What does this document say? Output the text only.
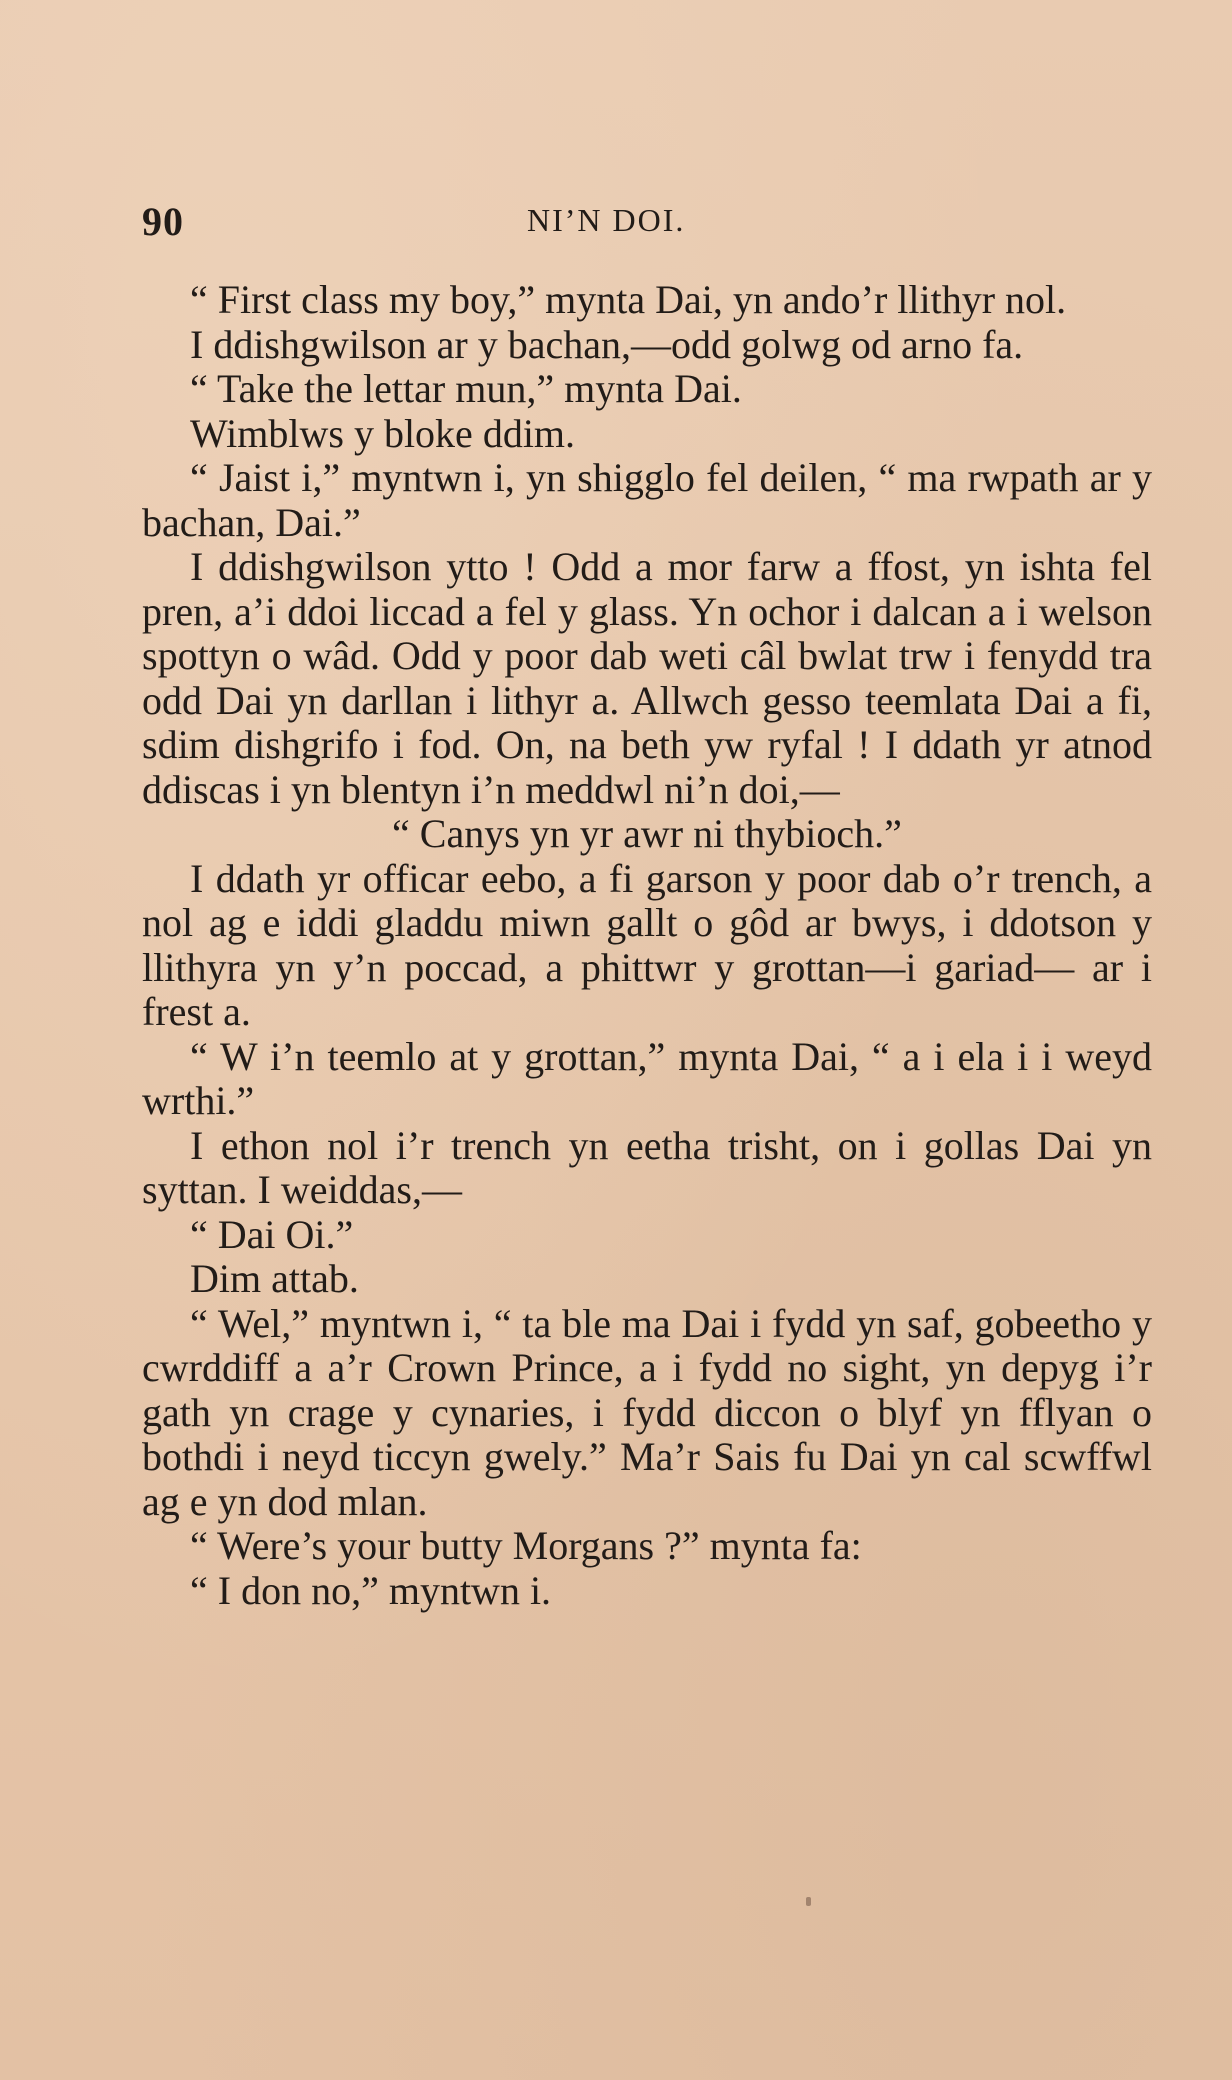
90	NI’N DOI.

“ First class my boy,” mynta Dai, yn ando’r llithyr nol.

I ddishgwilson ar y bachan,—odd golwg od arno fa.

“ Take the lettar mun,” mynta Dai.

Wimblws y bloke ddim.

“ Jaist i,” myntwn i, yn shigglo fel deilen, “ ma rwpath ar y bachan, Dai.”

I ddishgwilson ytto ! Odd a mor farw a ffost, yn ishta fel pren, a’i ddoi liccad a fel y glass. Yn ochor i dalcan a i welson spottyn o wâd. Odd y poor dab weti câl bwlat trw i fenydd tra odd Dai yn darllan i lithyr a. Allwch gesso teemlata Dai a fi, sdim dishgrifo i fod. On, na beth yw ryfal ! I ddath yr atnod ddiscas i yn blentyn i’n meddwl ni’n doi,—

“ Canys yn yr awr ni thybioch.”

I ddath yr officar eebo, a fi garson y poor dab o’r trench, a nol ag e iddi gladdu miwn gallt o gôd ar bwys, i ddotson y llithyra yn y’n poccad, a phittwr y grottan—i gariad— ar i frest a.

“ W i’n teemlo at y grottan,” mynta Dai, “ a i ela i i weyd wrthi.”

I ethon nol i’r trench yn eetha trisht, on i gollas Dai yn syttan. I weiddas,—

“ Dai Oi.”

Dim attab.

“ Wel,” myntwn i, “ ta ble ma Dai i fydd yn saf, gobeetho y cwrddiff a a’r Crown Prince, a i fydd no sight, yn depyg i’r gath yn crage y cynaries, i fydd diccon o blyf yn fflyan o bothdi i neyd ticcyn gwely.” Ma’r Sais fu Dai yn cal scwffwl ag e yn dod mlan.

“ Were’s your butty Morgans ?” mynta fa:

“ I don no,” myntwn i.
